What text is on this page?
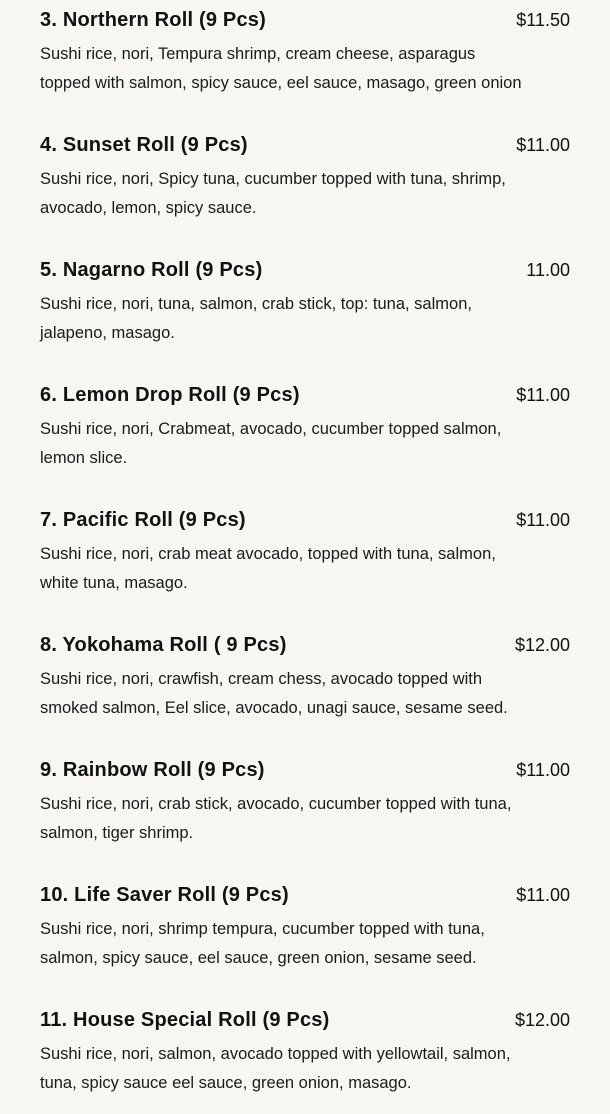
3. Northern Roll (9 Pcs)	$11.50

Sushi rice, nori, Tempura shrimp, cream cheese, asparagus topped with salmon, spicy sauce, eel sauce, masago, green onion

4. Sunset Roll (9 Pcs)	$11.00

Sushi rice, nori, Spicy tuna, cucumber topped with tuna, shrimp, avocado, lemon, spicy sauce.

5. Nagarno Roll (9 Pcs)	11.00

Sushi rice, nori, tuna, salmon, crab stick, top: tuna, salmon, jalapeno, masago.

6. Lemon Drop Roll (9 Pcs)	$11.00

Sushi rice, nori, Crabmeat, avocado, cucumber topped salmon, lemon slice.

7. Pacific Roll (9 Pcs)	$11.00

Sushi rice, nori, crab meat avocado, topped with tuna, salmon, white tuna, masago.

8. Yokohama Roll ( 9 Pcs)	$12.00

Sushi rice, nori, crawfish, cream chess, avocado topped with smoked salmon, Eel slice, avocado, unagi sauce, sesame seed.

9. Rainbow Roll (9 Pcs)	$11.00

Sushi rice, nori, crab stick, avocado, cucumber topped with tuna, salmon, tiger shrimp.

10. Life Saver Roll (9 Pcs)	$11.00

Sushi rice, nori, shrimp tempura, cucumber topped with tuna, salmon, spicy sauce, eel sauce, green onion, sesame seed.

11. House Special Roll (9 Pcs)	$12.00

Sushi rice, nori, salmon, avocado topped with yellowtail, salmon, tuna, spicy sauce eel sauce, green onion, masago.
